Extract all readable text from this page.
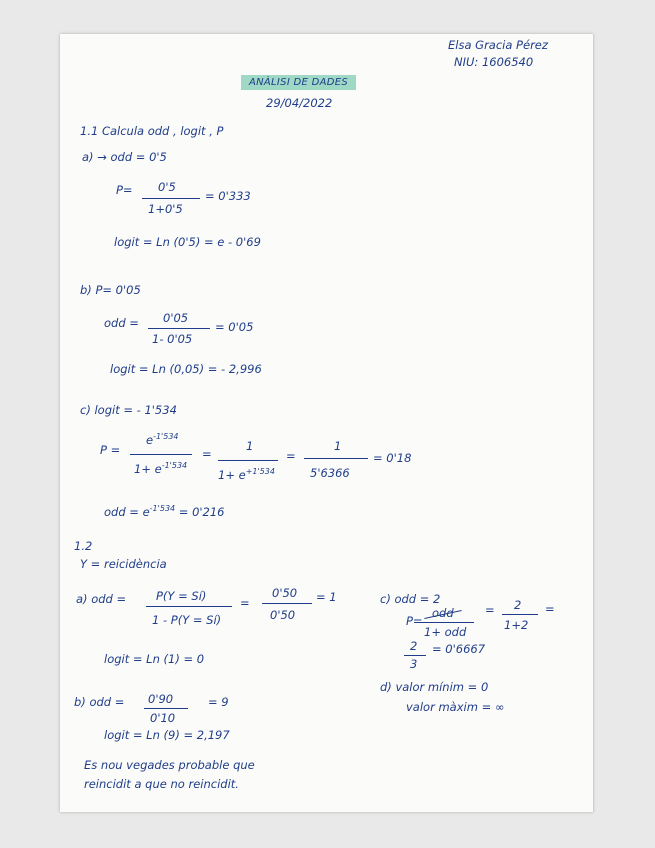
Elsa Gracia Pérez
NIU: 1606540
ANÀLISI DE DADES
29/04/2022
1.1 Calcula odd , logit , P
a) → odd = 0'5
P= 0'5
1+0'5
= 0'333
logit = Ln (0'5) = e - 0'69
b) P= 0'05
odd = 0'05
1- 0'05
= 0'05
logit = Ln (0,05) = - 2,996
c) logit = - 1'534
P =
$e^{-1'534}$
$1+ e^{-1'534}$
=
1
$1+ e^{+1'534}$
=
1
5'6366
= 0'18
odd = $e^{-1'534} = 0'216$
1.2
Y = reicidència
a) odd =	P(Y = Sí)
1 - P(Y = Sí)
=
0'50
0'50
= 1
logit = Ln (1) = 0
b) odd = 0'90
0'10
= 9
logit = Ln (9) = 2,197
Es nou vegades probable que
reincidit a que no reincidit.
c) odd = 2
P=
odd
1+ odd
= 2
1+2
=
2
3
= 0'6667
d) valor mínim = 0
valor màxim = ∞
